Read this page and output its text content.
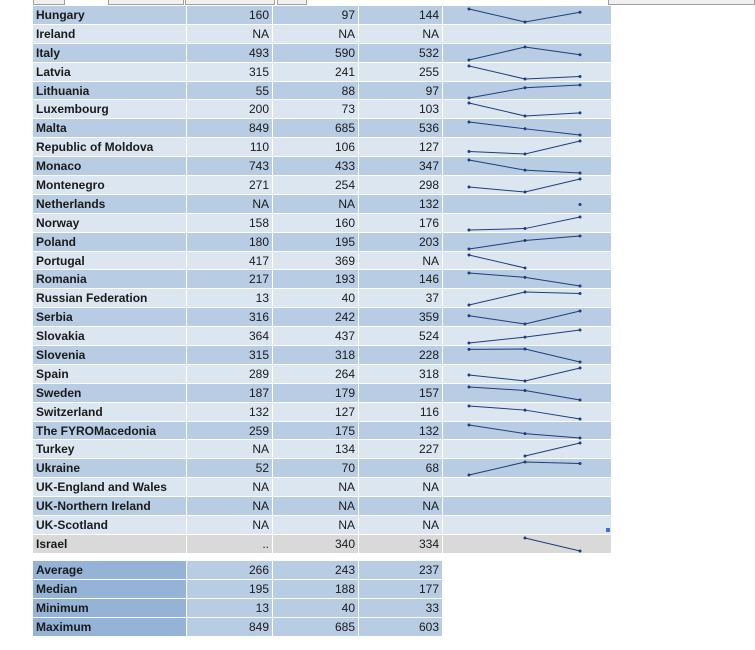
Hungary	160	97	144
Ireland	NA	NA	NA
Italy	493	590	532
Latvia	315	241	255
Lithuania	55	88	97
Luxembourg	200	73	103
Malta	849	685	536
Republic of Moldova	110	106	127
Monaco	743	433	347
Montenegro	271	254	298
Netherlands	NA	NA	132
Norway	158	160	176
Poland	180	195	203
Portugal	417	369	NA
Romania	217	193	146
Russian Federation	13	40	37
Serbia	316	242	359
Slovakia	364	437	524
Slovenia	315	318	228
Spain	289	264	318
Sweden	187	179	157
Switzerland	132	127	116
The FYROMacedonia	259	175	132
Turkey	NA	134	227
Ukraine	52	70	68
UK-England and Wales	NA	NA	NA
UK-Northern Ireland	NA	NA	NA
UK-Scotland	NA	NA	NA
Israel	..	340	334
Average	266	243	237
Median	195	188	177
Minimum	13	40	33
Maximum	849	685	603
